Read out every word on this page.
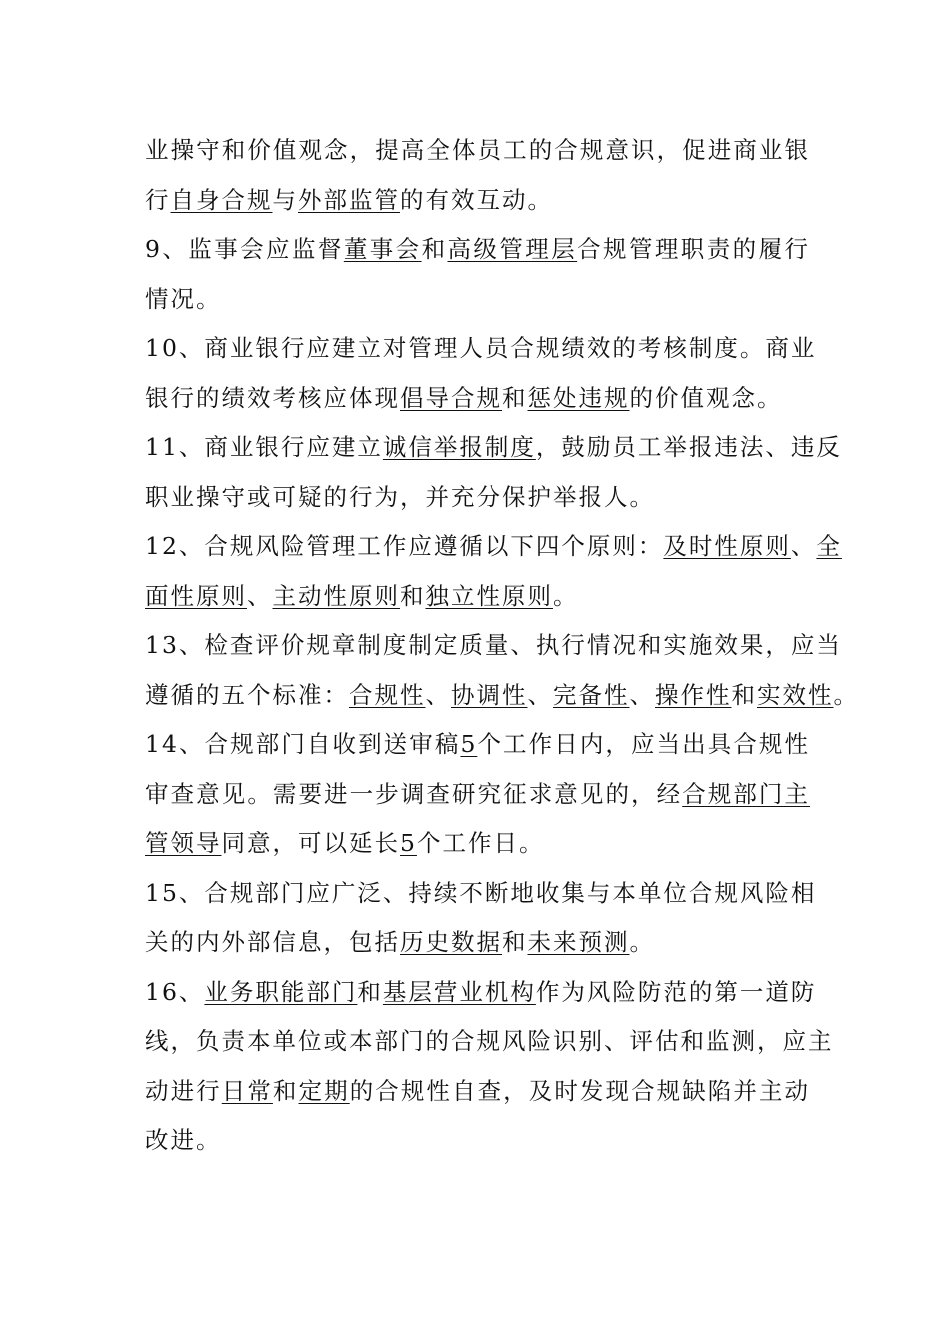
业操守和价值观念，提高全体员工的合规意识，促进商业银
行自身合规与外部监管的有效互动。
9、监事会应监督董事会和高级管理层合规管理职责的履行
情况。
10、商业银行应建立对管理人员合规绩效的考核制度。商业
银行的绩效考核应体现倡导合规和惩处违规的价值观念。
11、商业银行应建立诚信举报制度，鼓励员工举报违法、违反
职业操守或可疑的行为，并充分保护举报人。
12、合规风险管理工作应遵循以下四个原则：及时性原则、全
面性原则、主动性原则和独立性原则。
13、检查评价规章制度制定质量、执行情况和实施效果，应当
遵循的五个标准：合规性、协调性、完备性、操作性和实效性。
14、合规部门自收到送审稿5个工作日内，应当出具合规性
审查意见。需要进一步调查研究征求意见的，经合规部门主
管领导同意，可以延长5个工作日。
15、合规部门应广泛、持续不断地收集与本单位合规风险相
关的内外部信息，包括历史数据和未来预测。
16、业务职能部门和基层营业机构作为风险防范的第一道防
线，负责本单位或本部门的合规风险识别、评估和监测，应主
动进行日常和定期的合规性自查，及时发现合规缺陷并主动
改进。
